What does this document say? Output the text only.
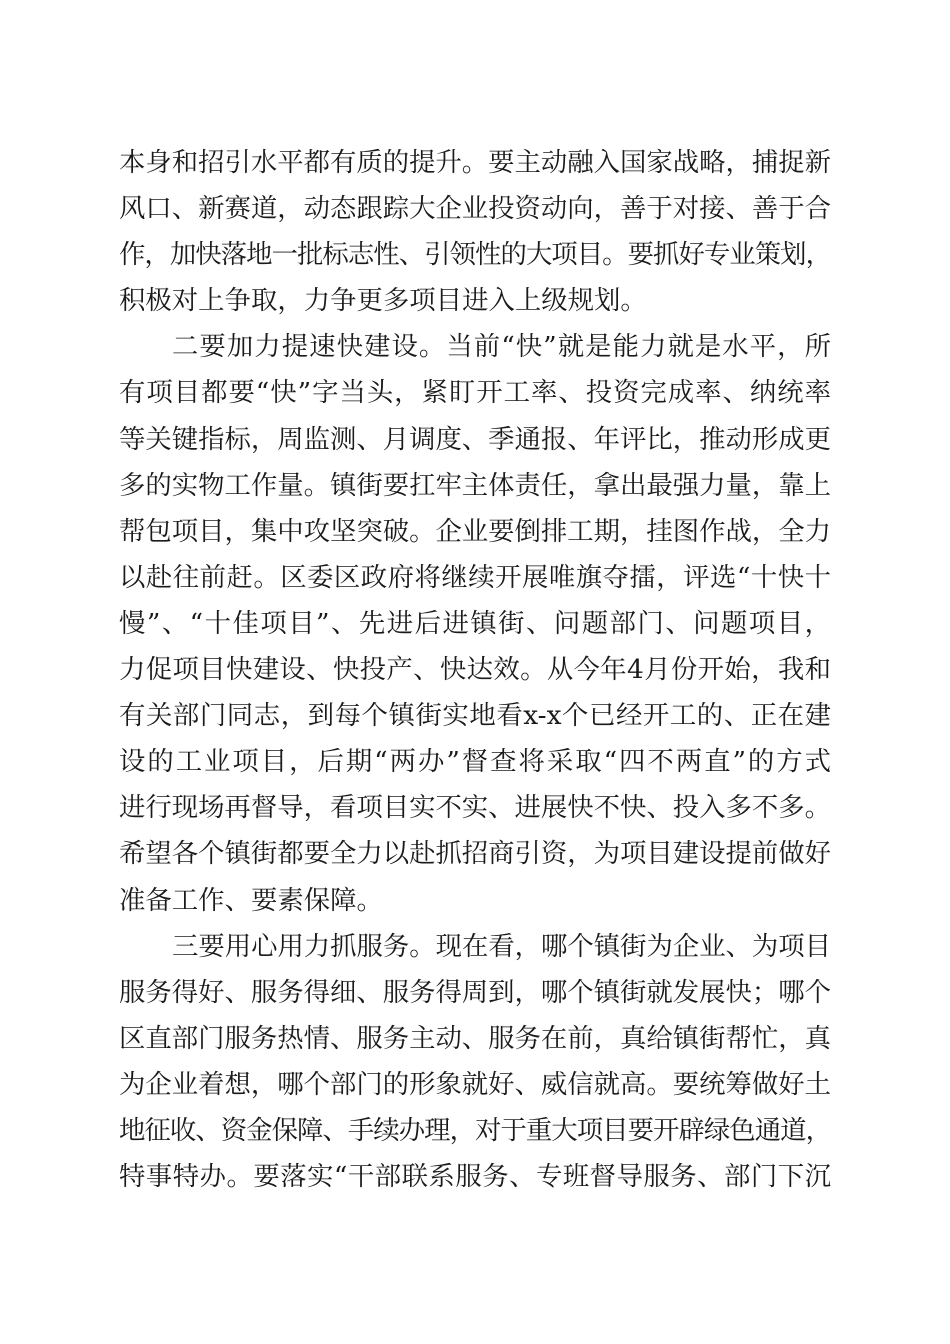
本身和招引水平都有质的提升。要主动融入国家战略，捕捉新
风口、新赛道，动态跟踪大企业投资动向，善于对接、善于合
作，加快落地一批标志性、引领性的大项目。要抓好专业策划，
积极对上争取，力争更多项目进入上级规划。
二要加力提速快建设。当前“快”就是能力就是水平，所
有项目都要“快”字当头，紧盯开工率、投资完成率、纳统率
等关键指标，周监测、月调度、季通报、年评比，推动形成更
多的实物工作量。镇街要扛牢主体责任，拿出最强力量，靠上
帮包项目，集中攻坚突破。企业要倒排工期，挂图作战，全力
以赴往前赶。区委区政府将继续开展唯旗夺擂，评选“十快十
慢”、“十佳项目”、先进后进镇街、问题部门、问题项目，
力促项目快建设、快投产、快达效。从今年4月份开始，我和
有关部门同志，到每个镇街实地看x-x个已经开工的、正在建
设的工业项目，后期“两办”督查将采取“四不两直”的方式
进行现场再督导，看项目实不实、进展快不快、投入多不多。
希望各个镇街都要全力以赴抓招商引资，为项目建设提前做好
准备工作、要素保障。
三要用心用力抓服务。现在看，哪个镇街为企业、为项目
服务得好、服务得细、服务得周到，哪个镇街就发展快；哪个
区直部门服务热情、服务主动、服务在前，真给镇街帮忙，真
为企业着想，哪个部门的形象就好、威信就高。要统筹做好土
地征收、资金保障、手续办理，对于重大项目要开辟绿色通道，
特事特办。要落实“干部联系服务、专班督导服务、部门下沉
